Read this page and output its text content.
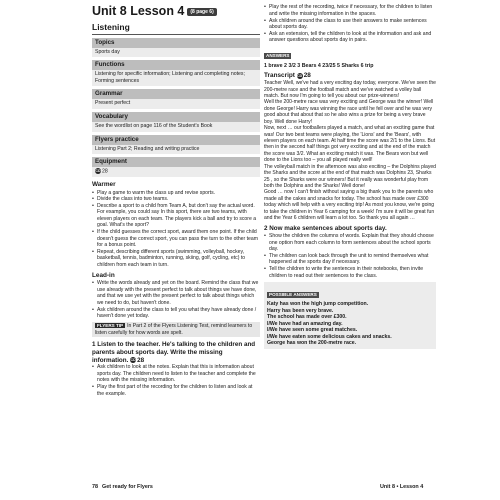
Unit 8 Lesson 4 (8 page 6)
Listening
Topics
Sports day
Functions
Listening for specific information; Listening and completing notes; Forming sentences
Grammar
Present perfect
Vocabulary
See the wordlist on page 116 of the Student's Book
Flyers practice
Listening Part 2; Reading and writing practice
Equipment
CD28
Warmer
• Play a game to warm the class up and revise sports.
• Divide the class into two teams.
• Describe a sport to a child from Team A, but don't say the actual word. For example, you could say In this sport, there are two teams, with eleven players on each team. The players kick a ball and try to score a goal. What's the sport?
• If the child guesses the correct sport, award them one point. If the child doesn't guess the correct sport, you can pass the turn to the other team for a bonus point.
• Repeat, describing different sports (swimming, volleyball, hockey, basketball, tennis, badminton, running, skiing, golf, cycling, etc) to children from each team in turn.
Lead-in
• Write the words already and yet on the board. Remind the class that we use already with the present perfect to talk about things we have done, and that we use yet with the present perfect to talk about things which we need to do, but haven't done.
• Ask children around the class to tell you what they have already done / haven't done yet today.
FLYERS TIP In Part 2 of the Flyers Listening Test, remind learners to listen carefully for how words are spelt.
1 Listen to the teacher. He's talking to the children and parents about sports day. Write the missing information. CD28
• Ask children to look at the notes. Explain that this is information about sports day. The children need to listen to the teacher and complete the notes with the missing information.
• Play the first part of the recording for the children to listen and look at the example.
• Play the rest of the recording, twice if necessary, for the children to listen and write the missing information in the spaces.
• Ask children around the class to use their answers to make sentences about sports day.
• Ask an extension, tell the children to look at the information and ask and answer questions about sports day in pairs.
ANSWERS
1 brave 2 3/2 3 Bears 4 23/25 5 Sharks 6 trip
Transcript CD28

Teacher Well, we've had a very exciting day today, everyone. We've seen the 200-metre race and the football match and we've watched a volley ball match. But now I'm going to tell you about our prize-winners!

Well the 200-metre race was very exciting and George was the winner! Well done George! Harry was winning the race until he fell over and he was very good about that about that so he also wins a prize for being a very brave boy. Well done Harry!

Now, next … our footballers played a match, and what an exciting game that was! Our two best teams were playing, the 'Lions' and the 'Bears', with eleven players on each team. At half time the score was 2/1 to the Lions. But then in the second half things got very exciting and at the end of the match the score was 3/2. What an exciting match it was. The Bears won but well done to the Lions too – you all played really well!

The volleyball match in the afternoon was also exciting – the Dolphins played the Sharks and the score at the end of that match was Dolphins 23, Sharks 25 , so the Sharks were our winners! But it really was wonderful play from both the Dolphins and the Sharks! Well done!

Good … now I can't finish without saying a big thank you to the parents who made all the cakes and snacks for today. The school has made over £300 today which will help with a very exciting trip! As most you know, we're going to take the children in Year 6 camping for a week! I'm sure it will be great fun and the Year 6 children will learn a lot too. So thank you all again …

2 Now make sentences about sports day.
• Show the children the columns of words. Explain that they should choose one option from each column to form sentences about the school sports day.
• The children can look back through the unit to remind themselves what happened at the sports day if necessary.
• Tell the children to write the sentences in their notebooks, then invite children to read out their sentences to the class.
POSSIBLE ANSWERS
Katy has won the high jump competition.
Harry has been very brave.
The school has made over £300.
I/We have had an amazing day.
I/We have seen some great matches.
I/We have eaten some delicious cakes and snacks.
George has won the 200-metre race.
78 Get ready for Flyers	Unit 8 • Lesson 4
